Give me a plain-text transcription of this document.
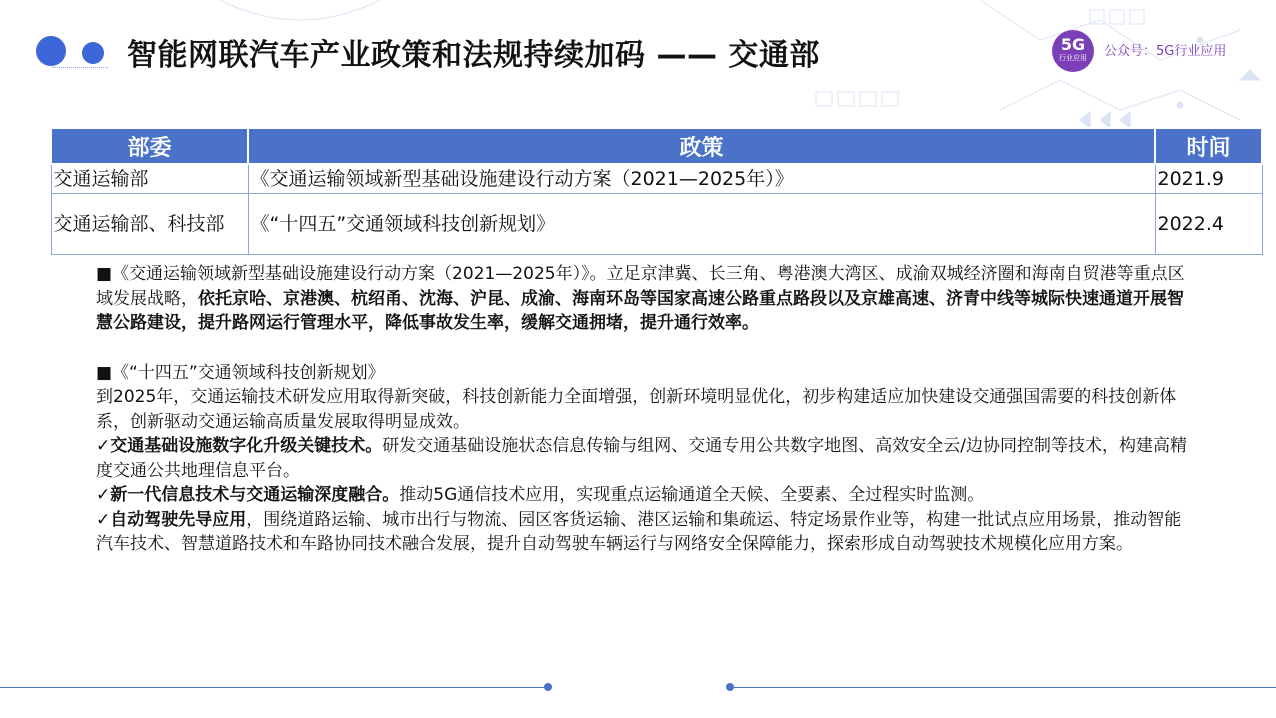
智能网联汽车产业政策和法规持续加码 —— 交通部	5G
行业应用	公众号：5G行业应用
部委	政策	时间
交通运输部	《交通运输领域新型基础设施建设行动方案（2021—2025年）》	2021.9
交通运输部、科技部	《“十四五”交通领域科技创新规划》	2022.4

■《交通运输领域新型基础设施建设行动方案（2021—2025年）》。立足京津冀、长三角、粤港澳大湾区、成渝双城经济圈和海南自贸港等重点区域发展战略，依托京哈、京港澳、杭绍甬、沈海、沪昆、成渝、海南环岛等国家高速公路重点路段以及京雄高速、济青中线等城际快速通道开展智慧公路建设，提升路网运行管理水平，降低事故发生率，缓解交通拥堵，提升通行效率。

■《“十四五”交通领域科技创新规划》

到2025年，交通运输技术研发应用取得新突破，科技创新能力全面增强，创新环境明显优化，初步构建适应加快建设交通强国需要的科技创新体系，创新驱动交通运输高质量发展取得明显成效。

✓交通基础设施数字化升级关键技术。研发交通基础设施状态信息传输与组网、交通专用公共数字地图、高效安全云/边协同控制等技术，构建高精度交通公共地理信息平台。

✓新一代信息技术与交通运输深度融合。推动5G通信技术应用，实现重点运输通道全天候、全要素、全过程实时监测。

✓自动驾驶先导应用，围绕道路运输、城市出行与物流、园区客货运输、港区运输和集疏运、特定场景作业等，构建一批试点应用场景，推动智能汽车技术、智慧道路技术和车路协同技术融合发展，提升自动驾驶车辆运行与网络安全保障能力，探索形成自动驾驶技术规模化应用方案。
